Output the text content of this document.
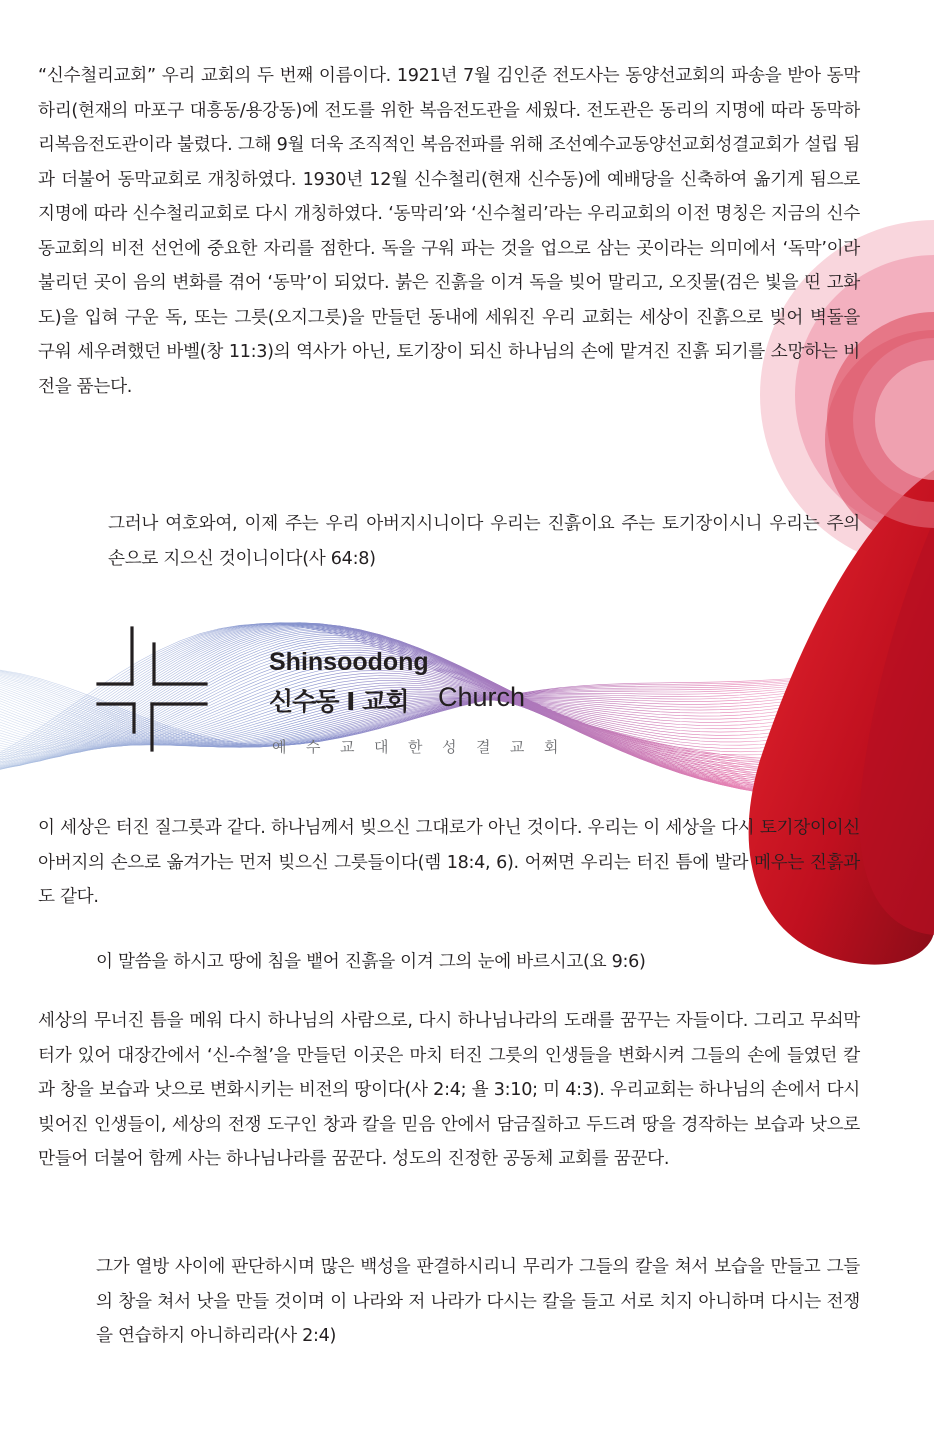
“신수철리교회” 우리 교회의 두 번째 이름이다. 1921년 7월 김인준 전도사는 동양선교회의 파송을 받아 동막하리(현재의 마포구 대흥동/용강동)에 전도를 위한 복음전도관을 세웠다. 전도관은 동리의 지명에 따라 동막하리복음전도관이라 불렸다. 그해 9월 더욱 조직적인 복음전파를 위해 조선예수교동양선교회성결교회가 설립 됨과 더불어 동막교회로 개칭하였다. 1930년 12월 신수철리(현재 신수동)에 예배당을 신축하여 옮기게 됨으로 지명에 따라 신수철리교회로 다시 개칭하였다. ‘동막리’와 ‘신수철리’라는 우리교회의 이전 명칭은 지금의 신수동교회의 비전 선언에 중요한 자리를 점한다. 독을 구워 파는 것을 업으로 삼는 곳이라는 의미에서 ‘독막’이라 불리던 곳이 음의 변화를 겪어 ‘동막’이 되었다. 붉은 진흙을 이겨 독을 빚어 말리고, 오짓물(검은 빛을 띤 고화도)을 입혀 구운 독, 또는 그릇(오지그릇)을 만들던 동내에 세워진 우리 교회는 세상이 진흙으로 빚어 벽돌을 구워 세우려했던 바벨(창 11:3)의 역사가 아닌, 토기장이 되신 하나님의 손에 맡겨진 진흙 되기를 소망하는 비전을 품는다.

그러나 여호와여, 이제 주는 우리 아버지시니이다 우리는 진흙이요 주는 토기장이시니 우리는 주의 손으로 지으신 것이니이다(사 64:8)

Shinsoodong
신수동 I 교회 Church
예수교대한성결교회

이 세상은 터진 질그릇과 같다. 하나님께서 빚으신 그대로가 아닌 것이다. 우리는 이 세상을 다시 토기장이이신 아버지의 손으로 옮겨가는 먼저 빚으신 그릇들이다(렘 18:4, 6). 어쩌면 우리는 터진 틈에 발라 메우는 진흙과도 같다.

이 말씀을 하시고 땅에 침을 뱉어 진흙을 이겨 그의 눈에 바르시고(요 9:6)

세상의 무너진 틈을 메워 다시 하나님의 사람으로, 다시 하나님나라의 도래를 꿈꾸는 자들이다. 그리고 무쇠막터가 있어 대장간에서 ‘신-수철’을 만들던 이곳은 마치 터진 그릇의 인생들을 변화시켜 그들의 손에 들였던 칼과 창을 보습과 낫으로 변화시키는 비전의 땅이다(사 2:4; 욜 3:10; 미 4:3). 우리교회는 하나님의 손에서 다시 빚어진 인생들이, 세상의 전쟁 도구인 창과 칼을 믿음 안에서 담금질하고 두드려 땅을 경작하는 보습과 낫으로 만들어 더불어 함께 사는 하나님나라를 꿈꾼다. 성도의 진정한 공동체 교회를 꿈꾼다.

그가 열방 사이에 판단하시며 많은 백성을 판결하시리니 무리가 그들의 칼을 쳐서 보습을 만들고 그들의 창을 쳐서 낫을 만들 것이며 이 나라와 저 나라가 다시는 칼을 들고 서로 치지 아니하며 다시는 전쟁을 연습하지 아니하리라(사 2:4)
